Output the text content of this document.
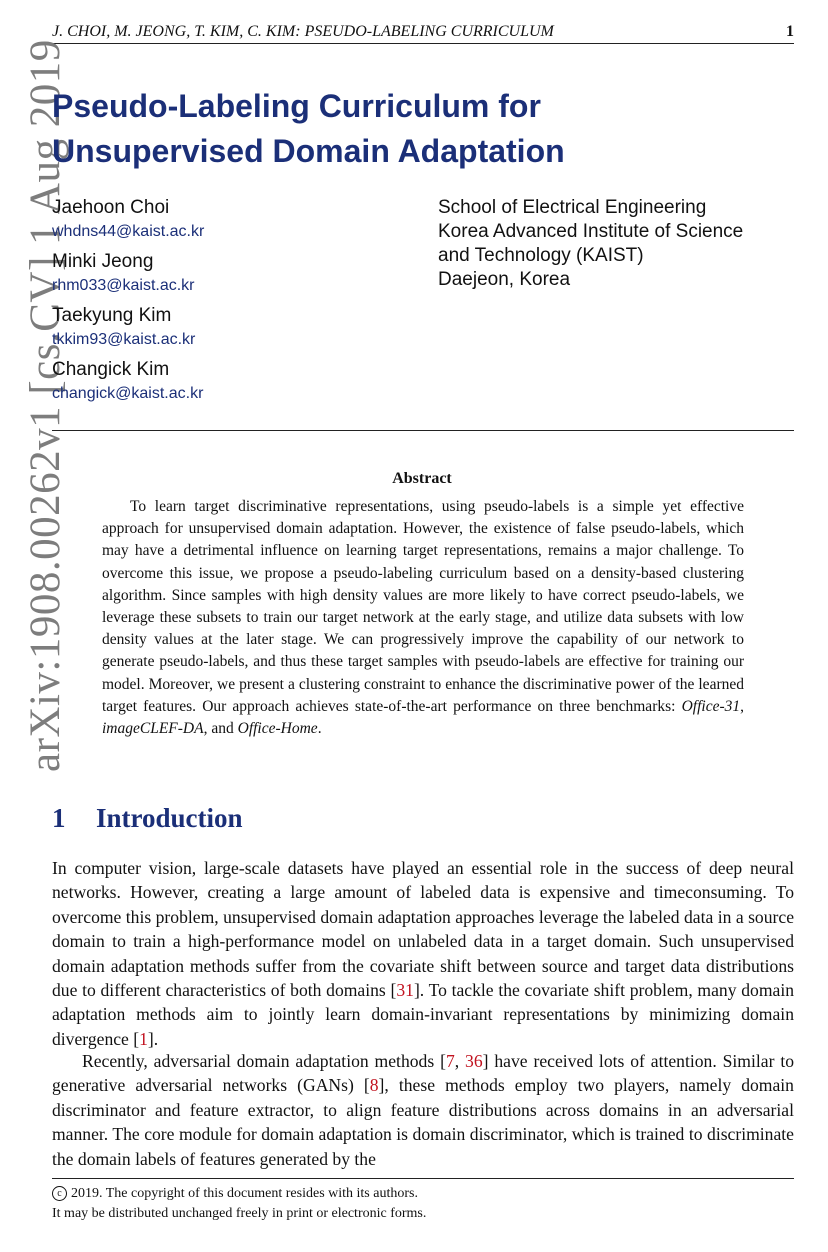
J. CHOI, M. JEONG, T. KIM, C. KIM: PSEUDO-LABELING CURRICULUM	1
arXiv:1908.00262v1 [cs.CV] 1 Aug 2019
Pseudo-Labeling Curriculum for
Unsupervised Domain Adaptation
Jaehoon Choi
whdns44@kaist.ac.kr
Minki Jeong
rhm033@kaist.ac.kr
Taekyung Kim
tkkim93@kaist.ac.kr
Changick Kim
changick@kaist.ac.kr
School of Electrical Engineering
Korea Advanced Institute of Science
and Technology (KAIST)
Daejeon, Korea
Abstract

To learn target discriminative representations, using pseudo-labels is a simple yet effective approach for unsupervised domain adaptation. However, the existence of false pseudo-labels, which may have a detrimental influence on learning target representations, remains a major challenge. To overcome this issue, we propose a pseudo-labeling curriculum based on a density-based clustering algorithm. Since samples with high density values are more likely to have correct pseudo-labels, we leverage these subsets to train our target network at the early stage, and utilize data subsets with low density values at the later stage. We can progressively improve the capability of our network to generate pseudo-labels, and thus these target samples with pseudo-labels are effective for training our model. Moreover, we present a clustering constraint to enhance the discriminative power of the learned target features. Our approach achieves state-of-the-art performance on three benchmarks: Office-31, imageCLEF-DA, and Office-Home.

1 Introduction

In computer vision, large-scale datasets have played an essential role in the success of deep neural networks. However, creating a large amount of labeled data is expensive and timeconsuming. To overcome this problem, unsupervised domain adaptation approaches leverage the labeled data in a source domain to train a high-performance model on unlabeled data in a target domain. Such unsupervised domain adaptation methods suffer from the covariate shift between source and target data distributions due to different characteristics of both domains [31]. To tackle the covariate shift problem, many domain adaptation methods aim to jointly learn domain-invariant representations by minimizing domain divergence [1].

Recently, adversarial domain adaptation methods [7, 36] have received lots of attention. Similar to generative adversarial networks (GANs) [8], these methods employ two players, namely domain discriminator and feature extractor, to align feature distributions across domains in an adversarial manner. The core module for domain adaptation is domain discriminator, which is trained to discriminate the domain labels of features generated by the

c 2019. The copyright of this document resides with its authors.
It may be distributed unchanged freely in print or electronic forms.
